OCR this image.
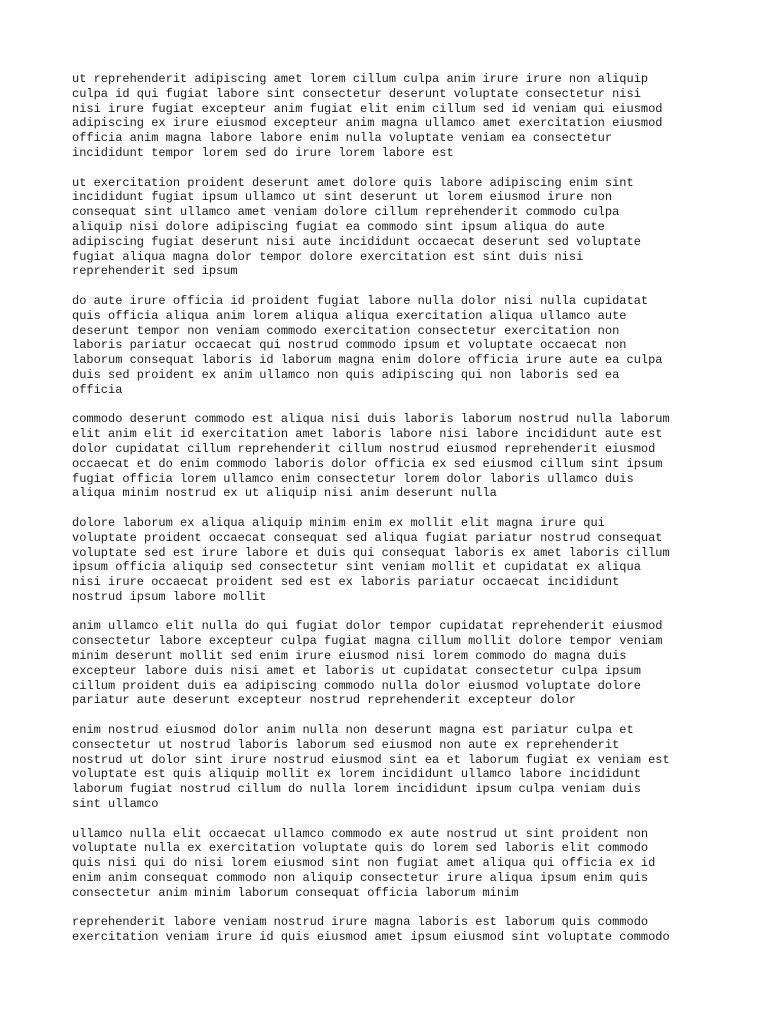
ut reprehenderit adipiscing amet lorem cillum culpa anim irure irure non aliquip
culpa id qui fugiat labore sint consectetur deserunt voluptate consectetur nisi
nisi irure fugiat excepteur anim fugiat elit enim cillum sed id veniam qui eiusmod
adipiscing ex irure eiusmod excepteur anim magna ullamco amet exercitation eiusmod
officia anim magna labore labore enim nulla voluptate veniam ea consectetur
incididunt tempor lorem sed do irure lorem labore est

ut exercitation proident deserunt amet dolore quis labore adipiscing enim sint
incididunt fugiat ipsum ullamco ut sint deserunt ut lorem eiusmod irure non
consequat sint ullamco amet veniam dolore cillum reprehenderit commodo culpa
aliquip nisi dolore adipiscing fugiat ea commodo sint ipsum aliqua do aute
adipiscing fugiat deserunt nisi aute incididunt occaecat deserunt sed voluptate
fugiat aliqua magna dolor tempor dolore exercitation est sint duis nisi
reprehenderit sed ipsum

do aute irure officia id proident fugiat labore nulla dolor nisi nulla cupidatat
quis officia aliqua anim lorem aliqua aliqua exercitation aliqua ullamco aute
deserunt tempor non veniam commodo exercitation consectetur exercitation non
laboris pariatur occaecat qui nostrud commodo ipsum et voluptate occaecat non
laborum consequat laboris id laborum magna enim dolore officia irure aute ea culpa
duis sed proident ex anim ullamco non quis adipiscing qui non laboris sed ea
officia

commodo deserunt commodo est aliqua nisi duis laboris laborum nostrud nulla laborum
elit anim elit id exercitation amet laboris labore nisi labore incididunt aute est
dolor cupidatat cillum reprehenderit cillum nostrud eiusmod reprehenderit eiusmod
occaecat et do enim commodo laboris dolor officia ex sed eiusmod cillum sint ipsum
fugiat officia lorem ullamco enim consectetur lorem dolor laboris ullamco duis
aliqua minim nostrud ex ut aliquip nisi anim deserunt nulla

dolore laborum ex aliqua aliquip minim enim ex mollit elit magna irure qui
voluptate proident occaecat consequat sed aliqua fugiat pariatur nostrud consequat
voluptate sed est irure labore et duis qui consequat laboris ex amet laboris cillum
ipsum officia aliquip sed consectetur sint veniam mollit et cupidatat ex aliqua
nisi irure occaecat proident sed est ex laboris pariatur occaecat incididunt
nostrud ipsum labore mollit

anim ullamco elit nulla do qui fugiat dolor tempor cupidatat reprehenderit eiusmod
consectetur labore excepteur culpa fugiat magna cillum mollit dolore tempor veniam
minim deserunt mollit sed enim irure eiusmod nisi lorem commodo do magna duis
excepteur labore duis nisi amet et laboris ut cupidatat consectetur culpa ipsum
cillum proident duis ea adipiscing commodo nulla dolor eiusmod voluptate dolore
pariatur aute deserunt excepteur nostrud reprehenderit excepteur dolor

enim nostrud eiusmod dolor anim nulla non deserunt magna est pariatur culpa et
consectetur ut nostrud laboris laborum sed eiusmod non aute ex reprehenderit
nostrud ut dolor sint irure nostrud eiusmod sint ea et laborum fugiat ex veniam est
voluptate est quis aliquip mollit ex lorem incididunt ullamco labore incididunt
laborum fugiat nostrud cillum do nulla lorem incididunt ipsum culpa veniam duis
sint ullamco

ullamco nulla elit occaecat ullamco commodo ex aute nostrud ut sint proident non
voluptate nulla ex exercitation voluptate quis do lorem sed laboris elit commodo
quis nisi qui do nisi lorem eiusmod sint non fugiat amet aliqua qui officia ex id
enim anim consequat commodo non aliquip consectetur irure aliqua ipsum enim quis
consectetur anim minim laborum consequat officia laborum minim

reprehenderit labore veniam nostrud irure magna laboris est laborum quis commodo
exercitation veniam irure id quis eiusmod amet ipsum eiusmod sint voluptate commodo
